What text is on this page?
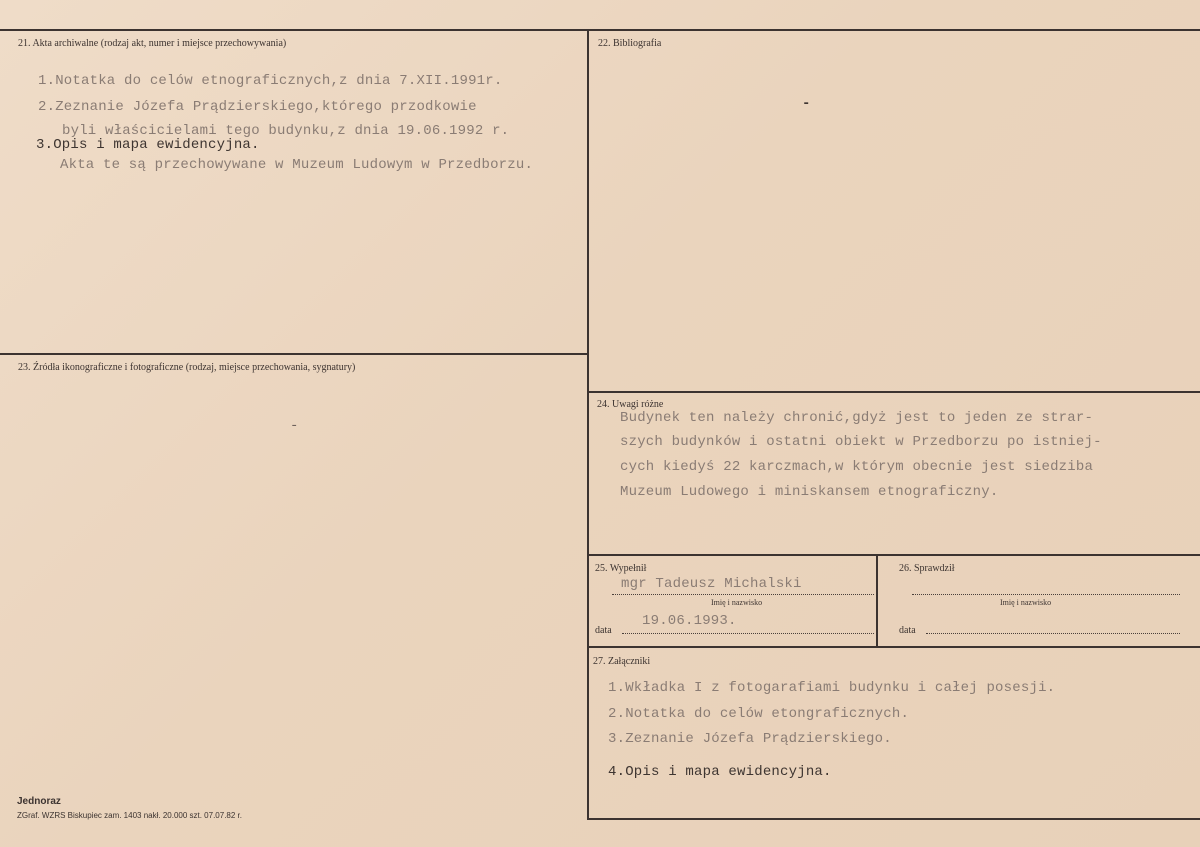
21. Akta archiwalne (rodzaj akt, numer i miejsce przechowywania)
1.Notatka do celów etnograficznych,z dnia 7.XII.1991r.
2.Zeznanie Józefa Prądzierskiego,którego przodkowie
byli właścicielami tego budynku,z dnia 19.06.1992 r.
3.Opis i mapa ewidencyjna.
Akta te są przechowywane w Muzeum Ludowym w Przedborzu.
22. Bibliografia
-
23. Źródła ikonograficzne i fotograficzne (rodzaj, miejsce przechowania, sygnatury)
-
24. Uwagi różne
Budynek ten należy chronić,gdyż jest to jeden ze strar-
szych budynków i ostatni obiekt w Przedborzu po istniej-
cych kiedyś 22 karczmach,w którym obecnie jest siedziba
Muzeum Ludowego i miniskansem etnograficzny.
25. Wypełnił
mgr Tadeusz Michalski
Imię i nazwisko
data
19.06.1993.
26. Sprawdził
Imię i nazwisko
data
27. Załączniki
1.Wkładka I z fotogarafiami budynku i całej posesji.
2.Notatka do celów etongraficznych.
3.Zeznanie Józefa Prądzierskiego.
4.Opis i mapa ewidencyjna.
Jednoraz
ZGraf. WZRS Biskupiec zam. 1403 nakł. 20.000 szt. 07.07.82 r.
